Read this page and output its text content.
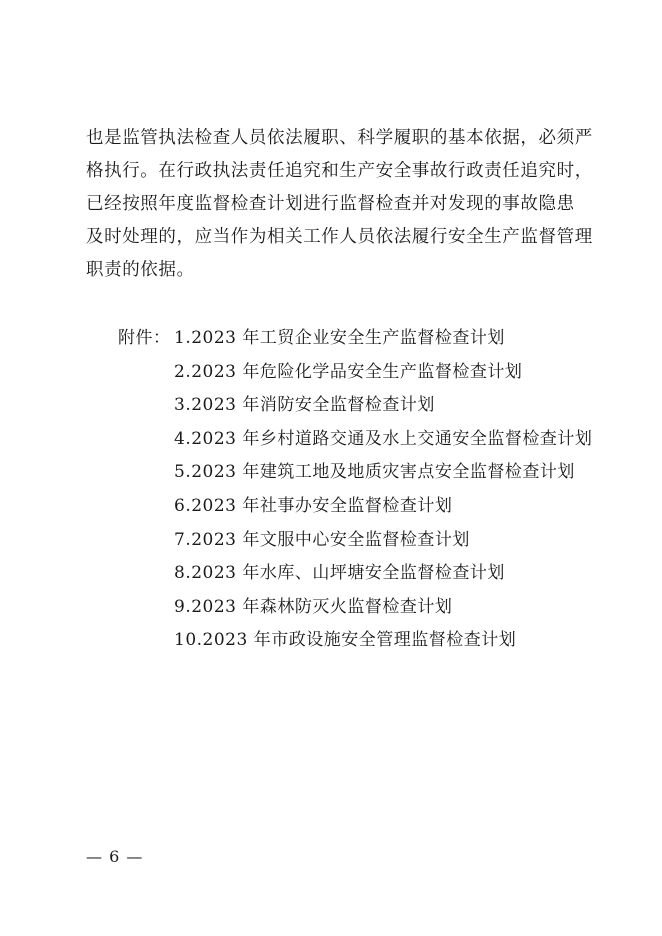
也是监管执法检查人员依法履职、科学履职的基本依据，必须严
格执行。在行政执法责任追究和生产安全事故行政责任追究时，
已经按照年度监督检查计划进行监督检查并对发现的事故隐患
及时处理的，应当作为相关工作人员依法履行安全生产监督管理
职责的依据。
附件： 1.2023 年工贸企业安全生产监督检查计划
2.2023 年危险化学品安全生产监督检查计划
3.2023 年消防安全监督检查计划
4.2023 年乡村道路交通及水上交通安全监督检查计划
5.2023 年建筑工地及地质灾害点安全监督检查计划
6.2023 年社事办安全监督检查计划
7.2023 年文服中心安全监督检查计划
8.2023 年水库、山坪塘安全监督检查计划
9.2023 年森林防灭火监督检查计划
10.2023 年市政设施安全管理监督检查计划
— 6 —
